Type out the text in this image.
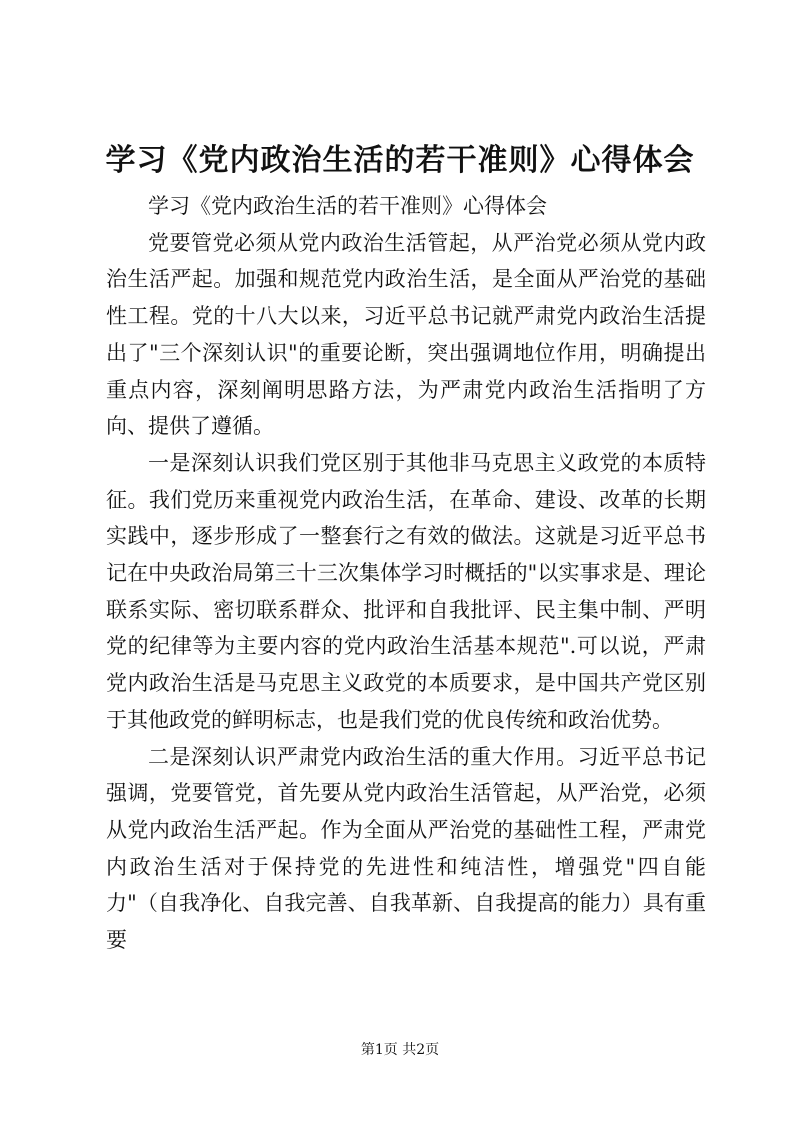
学习《党内政治生活的若干准则》心得体会

学习《党内政治生活的若干准则》心得体会

党要管党必须从党内政治生活管起，从严治党必须从党内政治生活严起。加强和规范党内政治生活，是全面从严治党的基础性工程。党的十八大以来，习近平总书记就严肃党内政治生活提出了"三个深刻认识"的重要论断，突出强调地位作用，明确提出重点内容，深刻阐明思路方法，为严肃党内政治生活指明了方向、提供了遵循。

一是深刻认识我们党区别于其他非马克思主义政党的本质特征。我们党历来重视党内政治生活，在革命、建设、改革的长期实践中，逐步形成了一整套行之有效的做法。这就是习近平总书记在中央政治局第三十三次集体学习时概括的"以实事求是、理论联系实际、密切联系群众、批评和自我批评、民主集中制、严明党的纪律等为主要内容的党内政治生活基本规范".可以说，严肃党内政治生活是马克思主义政党的本质要求，是中国共产党区别于其他政党的鲜明标志，也是我们党的优良传统和政治优势。

二是深刻认识严肃党内政治生活的重大作用。习近平总书记强调，党要管党，首先要从党内政治生活管起，从严治党，必须从党内政治生活严起。作为全面从严治党的基础性工程，严肃党内政治生活对于保持党的先进性和纯洁性，增强党"四自能力"（自我净化、自我完善、自我革新、自我提高的能力）具有重要

第1页 共2页
